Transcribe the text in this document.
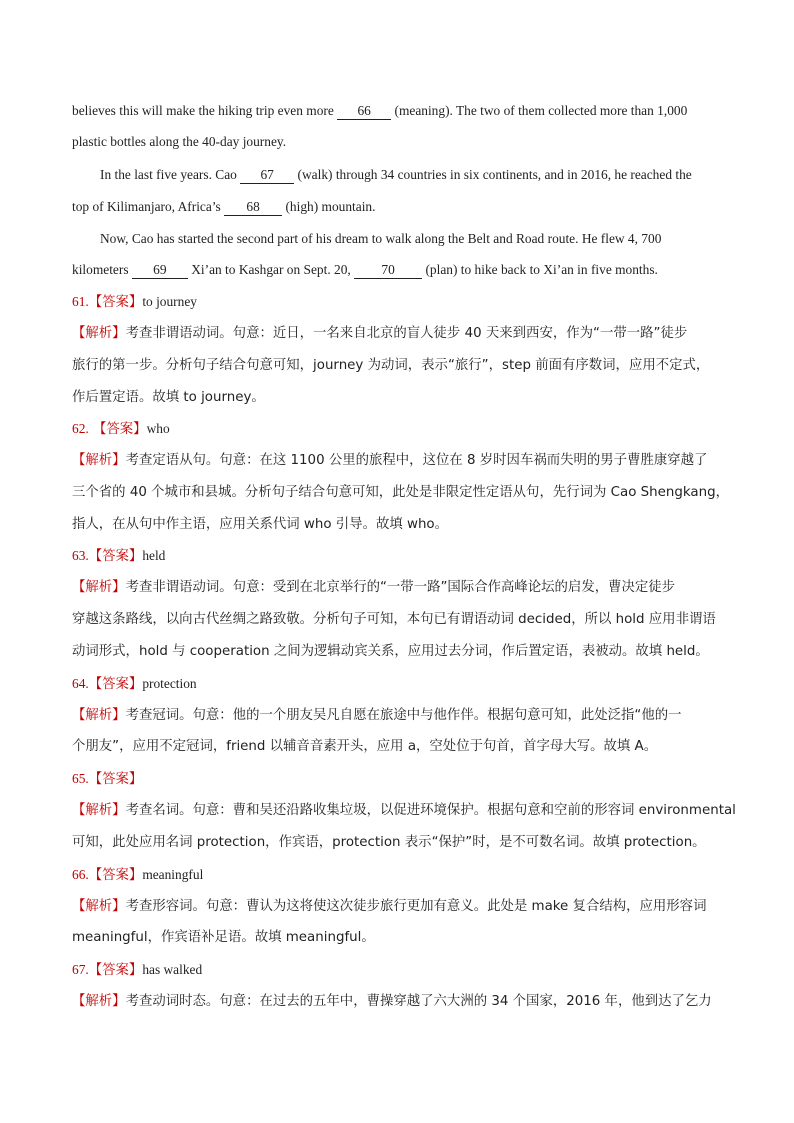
believes this will make the hiking trip even more 66 (meaning). The two of them collected more than 1,000
plastic bottles along the 40-day journey.
In the last five years. Cao 67 (walk) through 34 countries in six continents, and in 2016, he reached the
top of Kilimanjaro, Africa’s 68 (high) mountain.
Now, Cao has started the second part of his dream to walk along the Belt and Road route. He flew 4, 700
kilometers 69 Xi’an to Kashgar on Sept. 20, 70 (plan) to hike back to Xi’an in five months.
61.【答案】to journey
【解析】考查非谓语动词。句意：近日，一名来自北京的盲人徒步 40 天来到西安，作为“一带一路”徒步
旅行的第一步。分析句子结合句意可知，journey 为动词，表示“旅行”，step 前面有序数词，应用不定式，
作后置定语。故填 to journey。
62. 【答案】who
【解析】考查定语从句。句意：在这 1100 公里的旅程中，这位在 8 岁时因车祸而失明的男子曹胜康穿越了
三个省的 40 个城市和县城。分析句子结合句意可知，此处是非限定性定语从句，先行词为 Cao Shengkang，
指人，在从句中作主语，应用关系代词 who 引导。故填 who。
63.【答案】held
【解析】考查非谓语动词。句意：受到在北京举行的“一带一路”国际合作高峰论坛的启发，曹决定徒步
穿越这条路线，以向古代丝绸之路致敬。分析句子可知，本句已有谓语动词 decided，所以 hold 应用非谓语
动词形式，hold 与 cooperation 之间为逻辑动宾关系，应用过去分词，作后置定语，表被动。故填 held。
64.【答案】protection
【解析】考查冠词。句意：他的一个朋友吴凡自愿在旅途中与他作伴。根据句意可知，此处泛指“他的一
个朋友”，应用不定冠词，friend 以辅音音素开头，应用 a，空处位于句首，首字母大写。故填 A。
65.【答案】
【解析】考查名词。句意：曹和吴还沿路收集垃圾，以促进环境保护。根据句意和空前的形容词 environmental
可知，此处应用名词 protection，作宾语，protection 表示“保护”时，是不可数名词。故填 protection。
66.【答案】meaningful
【解析】考查形容词。句意：曹认为这将使这次徒步旅行更加有意义。此处是 make 复合结构，应用形容词
meaningful，作宾语补足语。故填 meaningful。
67.【答案】has walked
【解析】考查动词时态。句意：在过去的五年中，曹操穿越了六大洲的 34 个国家，2016 年，他到达了乞力
